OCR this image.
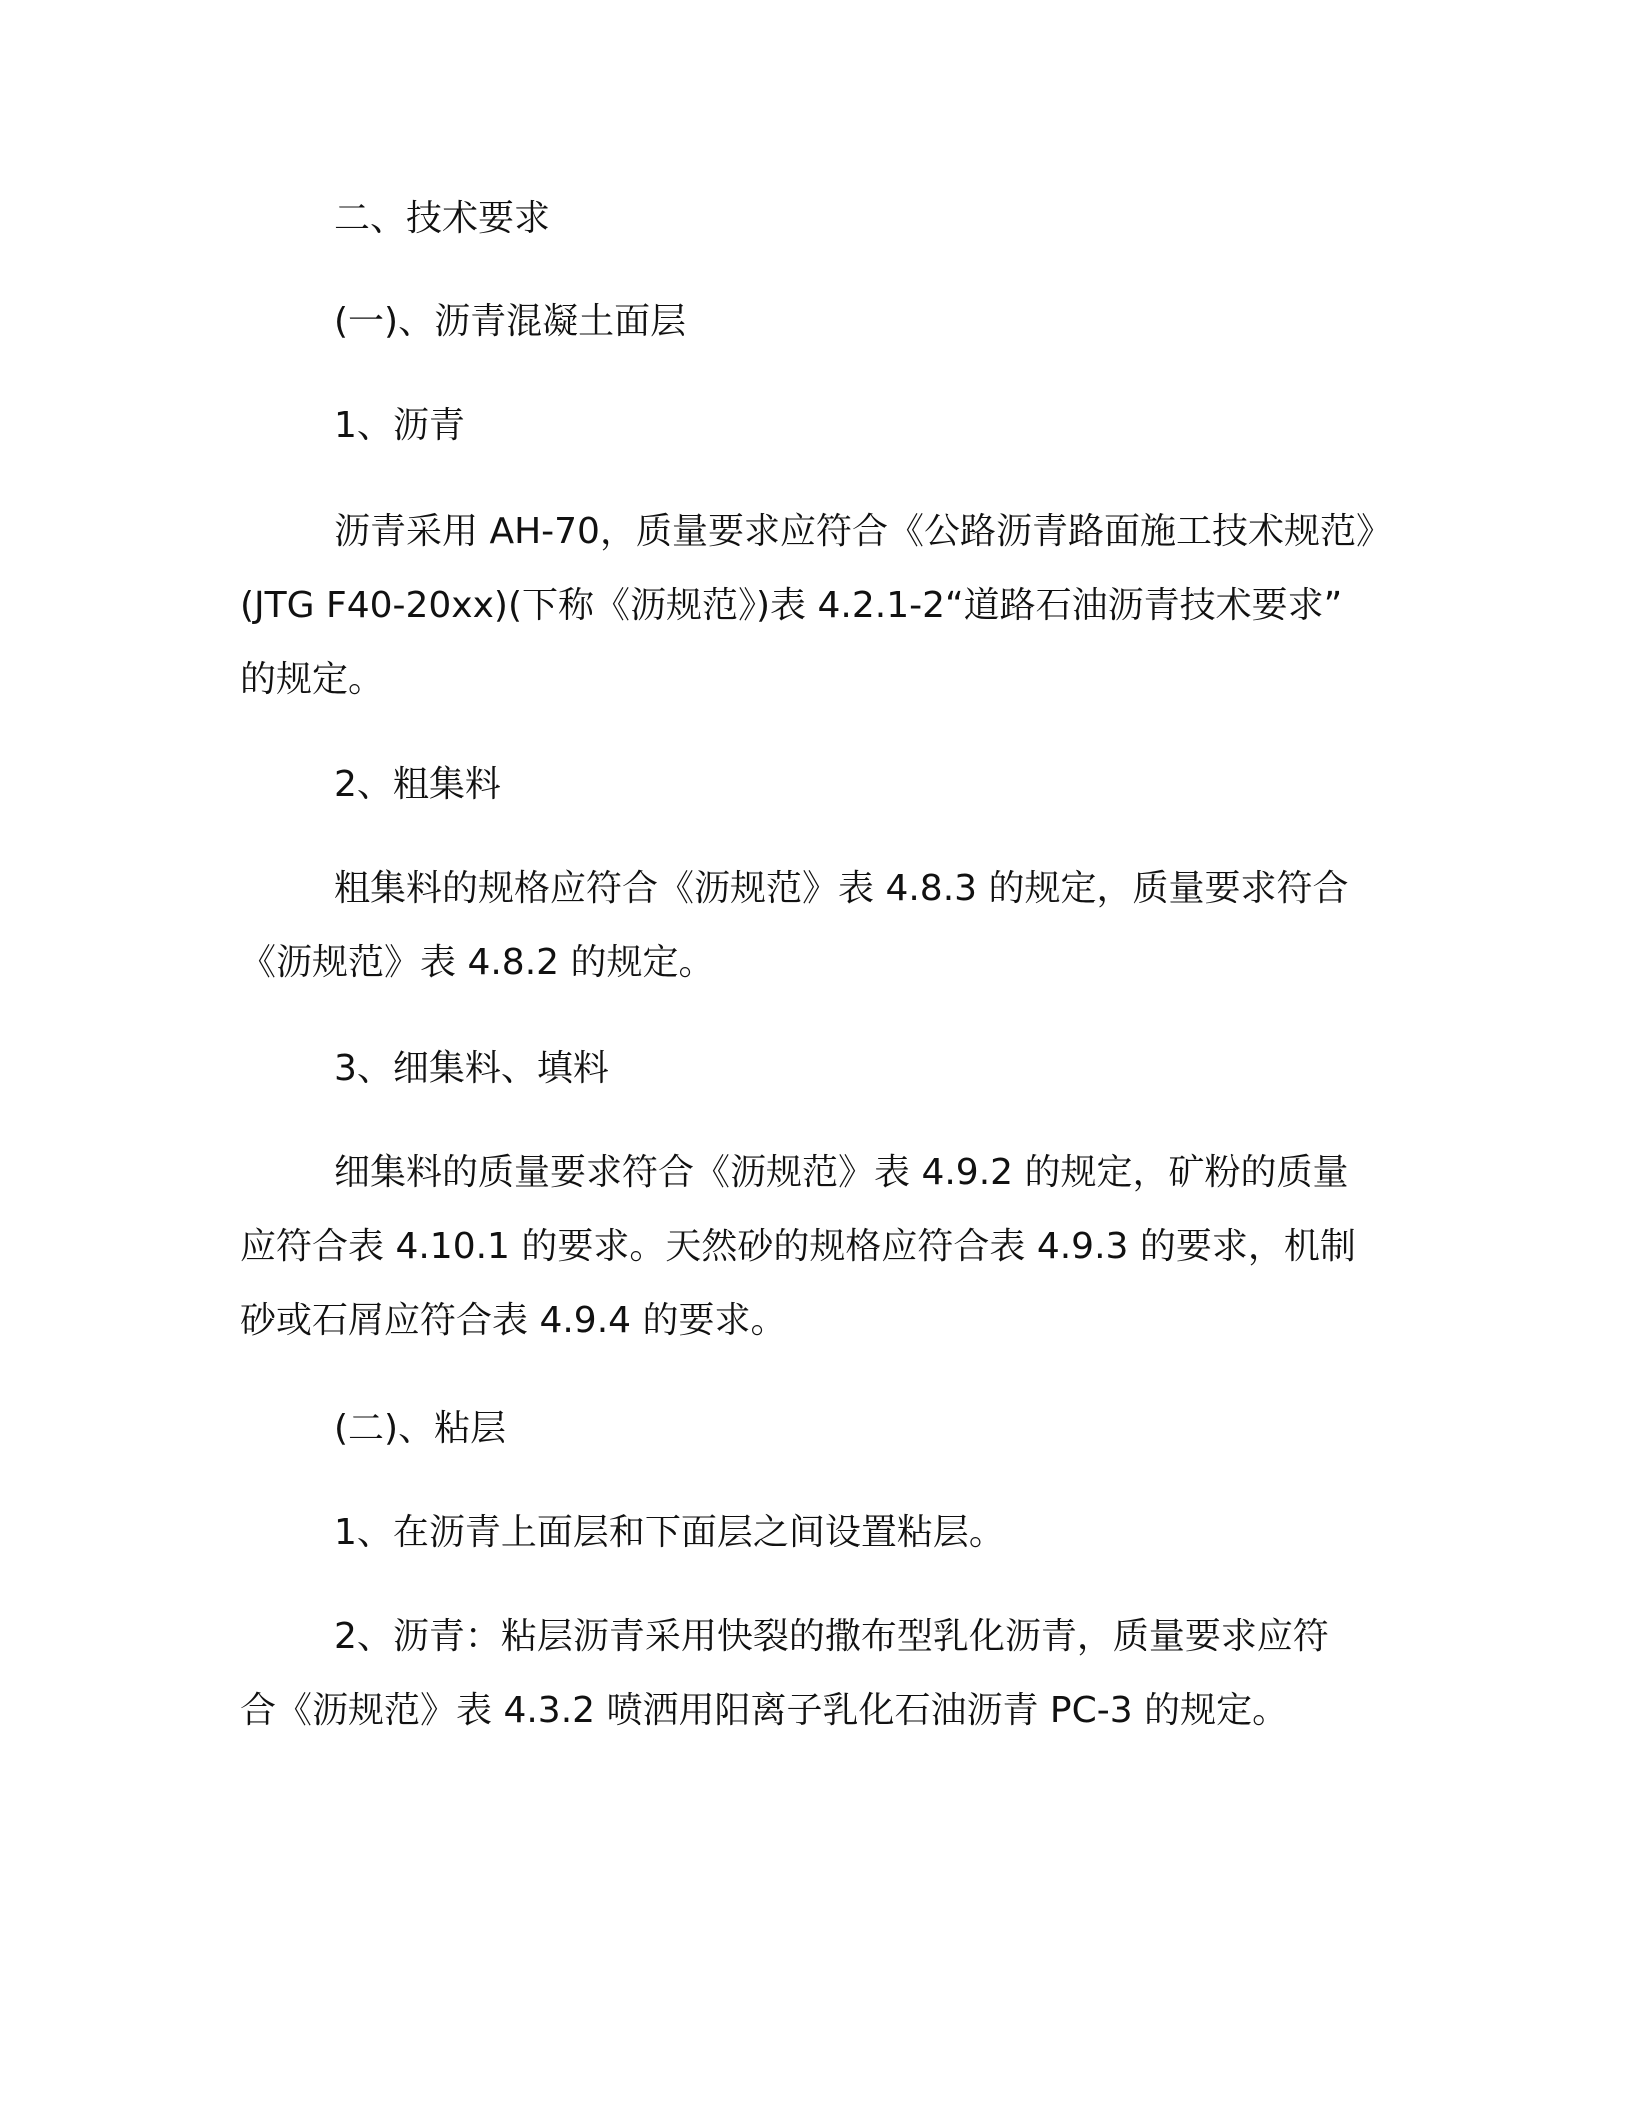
二、技术要求
(一)、沥青混凝土面层
1、沥青
沥青采用 AH-70，质量要求应符合《公路沥青路面施工技术规范》
(JTG F40-20xx)(下称《沥规范》)表 4.2.1-2“道路石油沥青技术要求”
的规定。
2、粗集料
粗集料的规格应符合《沥规范》表 4.8.3 的规定，质量要求符合
《沥规范》表 4.8.2 的规定。
3、细集料、填料
细集料的质量要求符合《沥规范》表 4.9.2 的规定，矿粉的质量
应符合表 4.10.1 的要求。天然砂的规格应符合表 4.9.3 的要求，机制
砂或石屑应符合表 4.9.4 的要求。
(二)、粘层
1、在沥青上面层和下面层之间设置粘层。
2、沥青：粘层沥青采用快裂的撒布型乳化沥青，质量要求应符
合《沥规范》表 4.3.2 喷洒用阳离子乳化石油沥青 PC-3 的规定。
